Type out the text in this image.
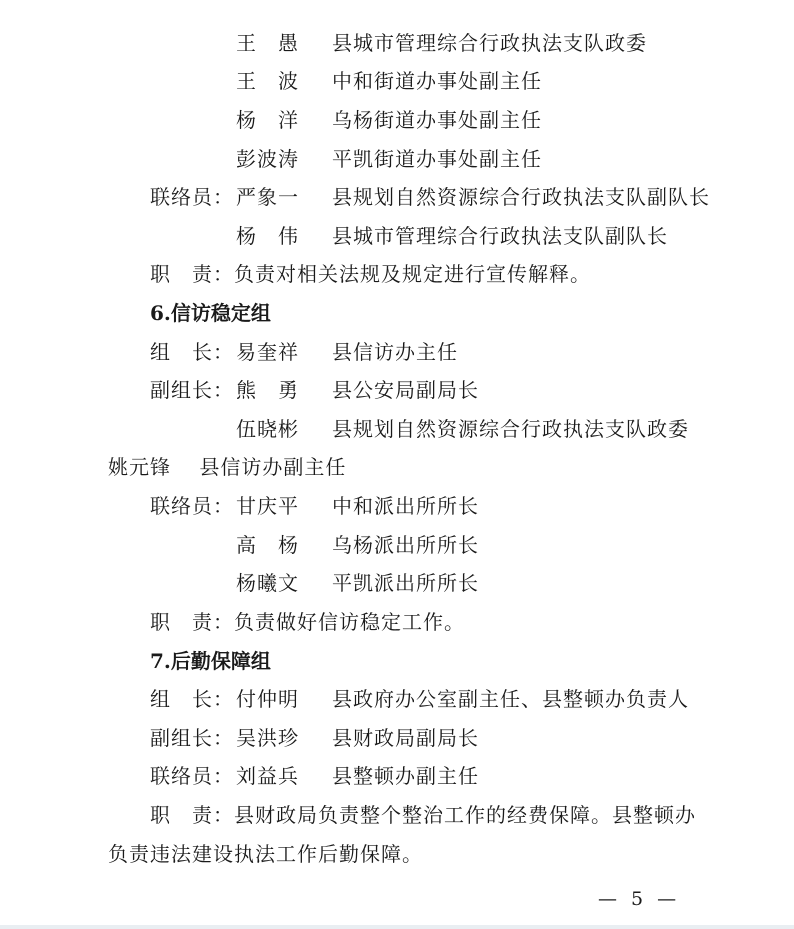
王　愚	县城市管理综合行政执法支队政委
王　波	中和街道办事处副主任
杨　洋	乌杨街道办事处副主任
彭波涛	平凯街道办事处副主任
联络员： 严象一	县规划自然资源综合行政执法支队副队长
杨　伟	县城市管理综合行政执法支队副队长
职　责：负责对相关法规及规定进行宣传解释。
6.信访稳定组
组　长： 易奎祥	县信访办主任
副组长： 熊　勇	县公安局副局长
伍晓彬	县规划自然资源综合行政执法支队政委
姚元锋　 县信访办副主任
联络员： 甘庆平	中和派出所所长
高　杨	乌杨派出所所长
杨曦文	平凯派出所所长
职　责：负责做好信访稳定工作。
7.后勤保障组
组　长： 付仲明	县政府办公室副主任、县整顿办负责人
副组长： 吴洪珍	县财政局副局长
联络员： 刘益兵	县整顿办副主任
职　责：县财政局负责整个整治工作的经费保障。县整顿办
负责违法建设执法工作后勤保障。
— 5 —
